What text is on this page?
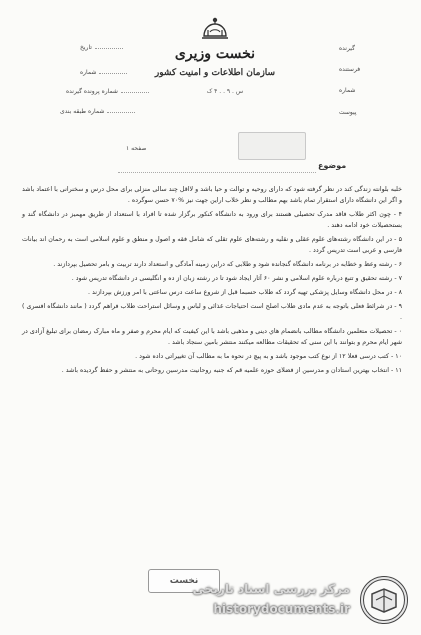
نخست وزیری
سازمان اطلاعات و امنیت کشور
س . ۹ . . ۴ ک
تاریخ
شماره
شماره پرونده گیرنده
شماره طبقه بندی
گیرنده
فرستنده
شماره
پیوست
صفحه ۱
موضوع

خلبه بلوانته زندگی کند در نظر گرفته شود که دارای روحیه و توالت و حیا باشد و لااقل چند سالی منزلی برای محل درس و سخنرانی با اعتماد باشد و اگر این دانشگاه دارای استقرار تمام باشد بهم مطالب و نظر خلاب اراین جهت نیز %۷۰ حسن سوگرده .

۴ - چون اکثر طلاب فاقد مدرک تحصیلی هستند برای ورود به دانشگاه کنکور برگزار شده تا افراد با استعداد از طریق مهمیز در دانشگاه گند و بستحصیلات خود ادامه دهند .

۵ - در این دانشگاه رشته‌های علوم عقلی و نقلیه و رشته‌های علوم تقلی که شامل فقه و اصول و منطق و علوم اسلامی است به رحمان اند بیانات فارسی و عربی است تدریس گردد .

۶ - رشته وعظ و خطابه در برنامه دانشگاه گنجانده شود و طلابی که دراین زمینه آمادگی و استعداد دارند تربیت و بامر تحصیل بپردازند .

۷ - رشته تحقیق و تتبع درباره علوم اسلامی و نشر ۶۰ آثار ایجاد شود تا در رشته زبان از ده و انگلیسی در دانشگاه تدریس شود .

۸ - در محل دانشگاه وسایل پزشکی تهیه گردد که طلاب حسبما قبل از شروع ساعت درس ساعتی با امر ورزش بپردازند .

۹ - در شرائط فعلی باتوجه به عدم مادی طلاب اصلح است احتیاجات غذائی و لباس و وسائل استراحت طلاب فراهم گردد ( مانند دانشگاه افسری ) .

۰ - تحصیلات متعلمین دانشگاه مطالب بانضمام هاي دینی و مذهبی باشد با این کیفیت که ایام محرم و صفر و ماه مبارک رمضان برای تبلیغ آزادی در شهر ایام محرم و بتوانند با این سنی که تحقیقات مطالعه میکنند منتشر بامین سنجاد باشد .

۱۰ - کتب درسی فعلا ۱۲ از نوع کتب موجود باشد و به پیچ در نحوه ما به مطالب آن تغییراتی داده شود .

۱۱ - انتخاب بهترین استادان و مدرسین از فضلای حوزه علمیه قم که جنبه روحانیت مدرسین روحانی به منتشر و حفظ گردیده باشد .

نخست
مرکز بررسی اسناد تاریخی
historydocuments.ir
